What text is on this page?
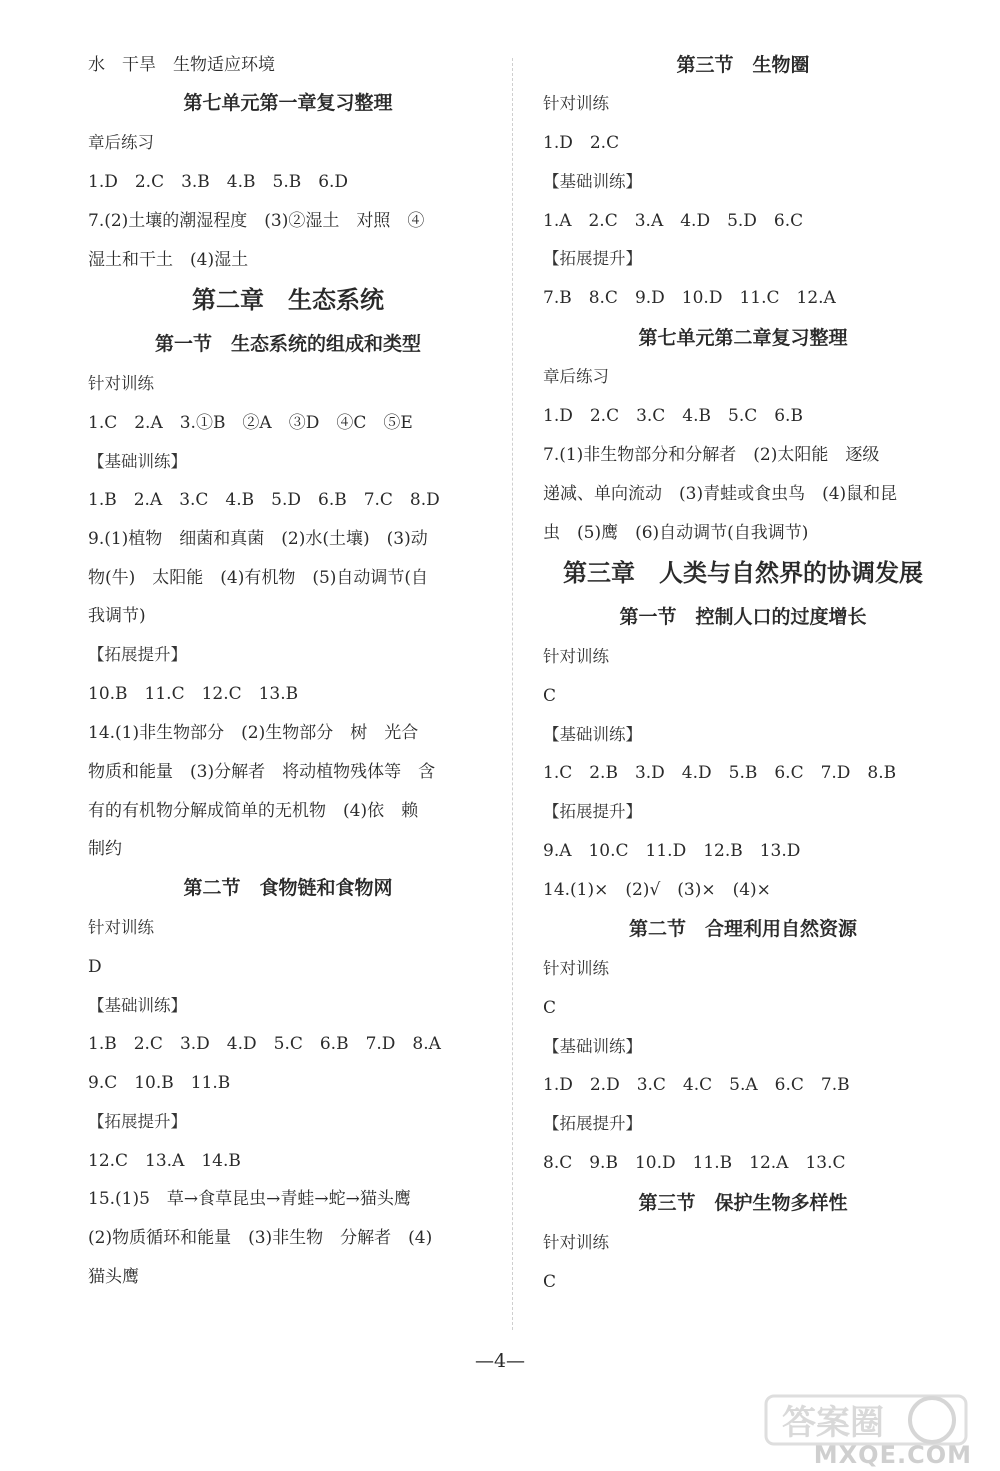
水　干旱　生物适应环境
第七单元第一章复习整理
章后练习
1.D　2.C　3.B　4.B　5.B　6.D
7.(2)土壤的潮湿程度　(3)②湿土　对照　④
湿土和干土　(4)湿土
第二章　生态系统
第一节　生态系统的组成和类型
针对训练
1.C　2.A　3.①B　②A　③D　④C　⑤E
【基础训练】
1.B　2.A　3.C　4.B　5.D　6.B　7.C　8.D
9.(1)植物　细菌和真菌　(2)水(土壤)　(3)动
物(牛)　太阳能　(4)有机物　(5)自动调节(自
我调节)
【拓展提升】
10.B　11.C　12.C　13.B
14.(1)非生物部分　(2)生物部分　树　光合
物质和能量　(3)分解者　将动植物残体等　含
有的有机物分解成简单的无机物　(4)依　赖
制约
第二节　食物链和食物网
针对训练
D
【基础训练】
1.B　2.C　3.D　4.D　5.C　6.B　7.D　8.A
9.C　10.B　11.B
【拓展提升】
12.C　13.A　14.B
15.(1)5　草→食草昆虫→青蛙→蛇→猫头鹰
(2)物质循环和能量　(3)非生物　分解者　(4)
猫头鹰
第三节　生物圈
针对训练
1.D　2.C
【基础训练】
1.A　2.C　3.A　4.D　5.D　6.C
【拓展提升】
7.B　8.C　9.D　10.D　11.C　12.A
第七单元第二章复习整理
章后练习
1.D　2.C　3.C　4.B　5.C　6.B
7.(1)非生物部分和分解者　(2)太阳能　逐级
递减、单向流动　(3)青蛙或食虫鸟　(4)鼠和昆
虫　(5)鹰　(6)自动调节(自我调节)
第三章　人类与自然界的协调发展
第一节　控制人口的过度增长
针对训练
C
【基础训练】
1.C　2.B　3.D　4.D　5.B　6.C　7.D　8.B
【拓展提升】
9.A　10.C　11.D　12.B　13.D
14.(1)×　(2)√　(3)×　(4)×
第二节　合理利用自然资源
针对训练
C
【基础训练】
1.D　2.D　3.C　4.C　5.A　6.C　7.B
【拓展提升】
8.C　9.B　10.D　11.B　12.A　13.C
第三节　保护生物多样性
针对训练
C
—4—
答案圈
MXQE.COM
